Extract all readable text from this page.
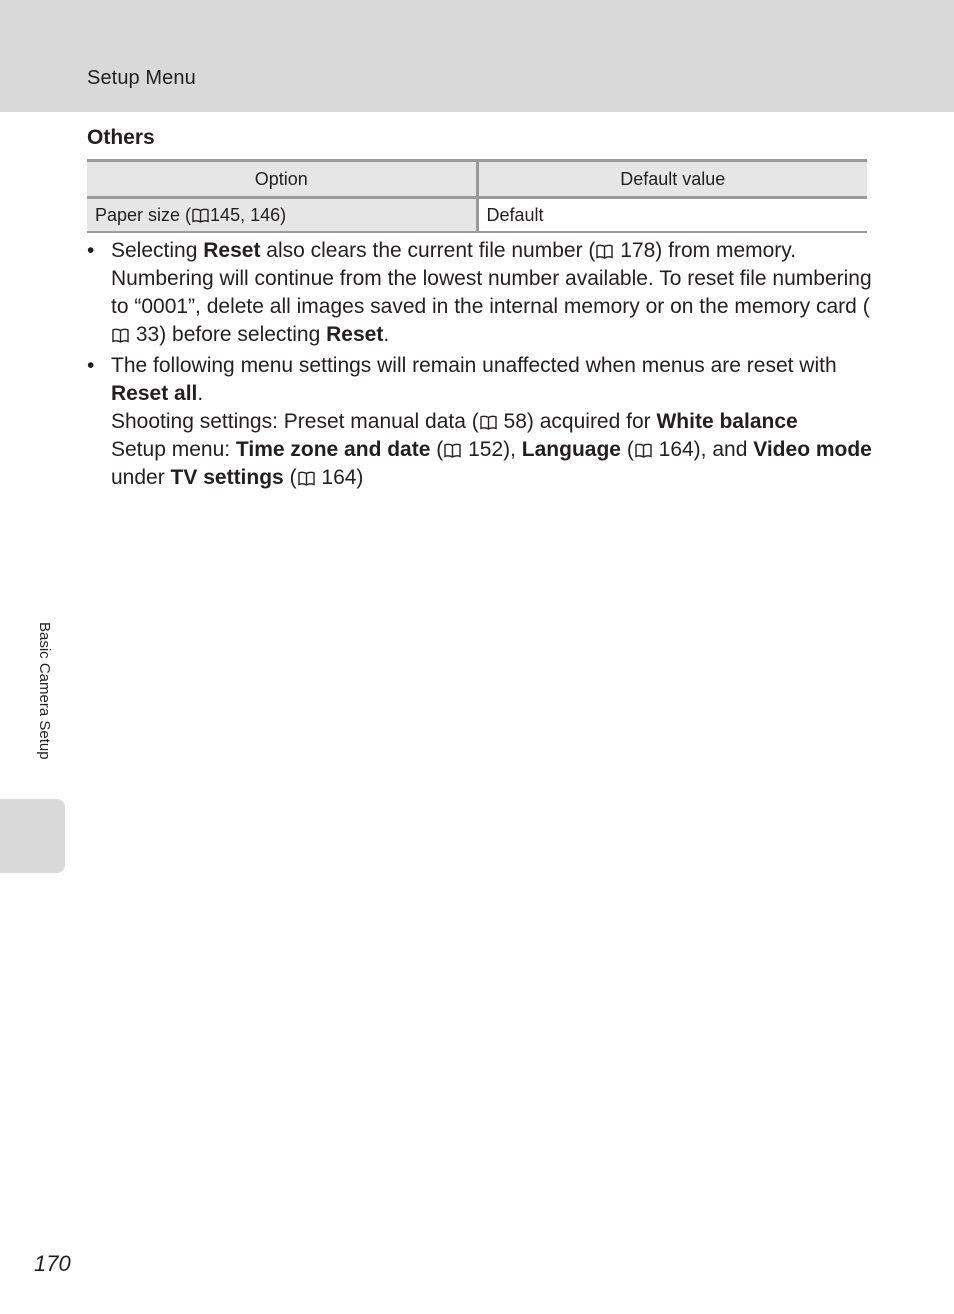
Setup Menu
Others
Option	Default value
Paper size ( 145, 146)	Default
• Selecting Reset also clears the current file number (
178) from memory. Numbering will continue from the lowest number available. To reset file numbering to “0001”, delete all images saved in the internal memory or on the memory card (
33) before selecting Reset.
• The following menu settings will remain unaffected when menus are reset with Reset all.
Shooting settings: Preset manual data (
58) acquired for White balance
Setup menu: Time zone and date (
152), Language (
164), and Video mode under TV settings (
164)
Basic Camera Setup
170
